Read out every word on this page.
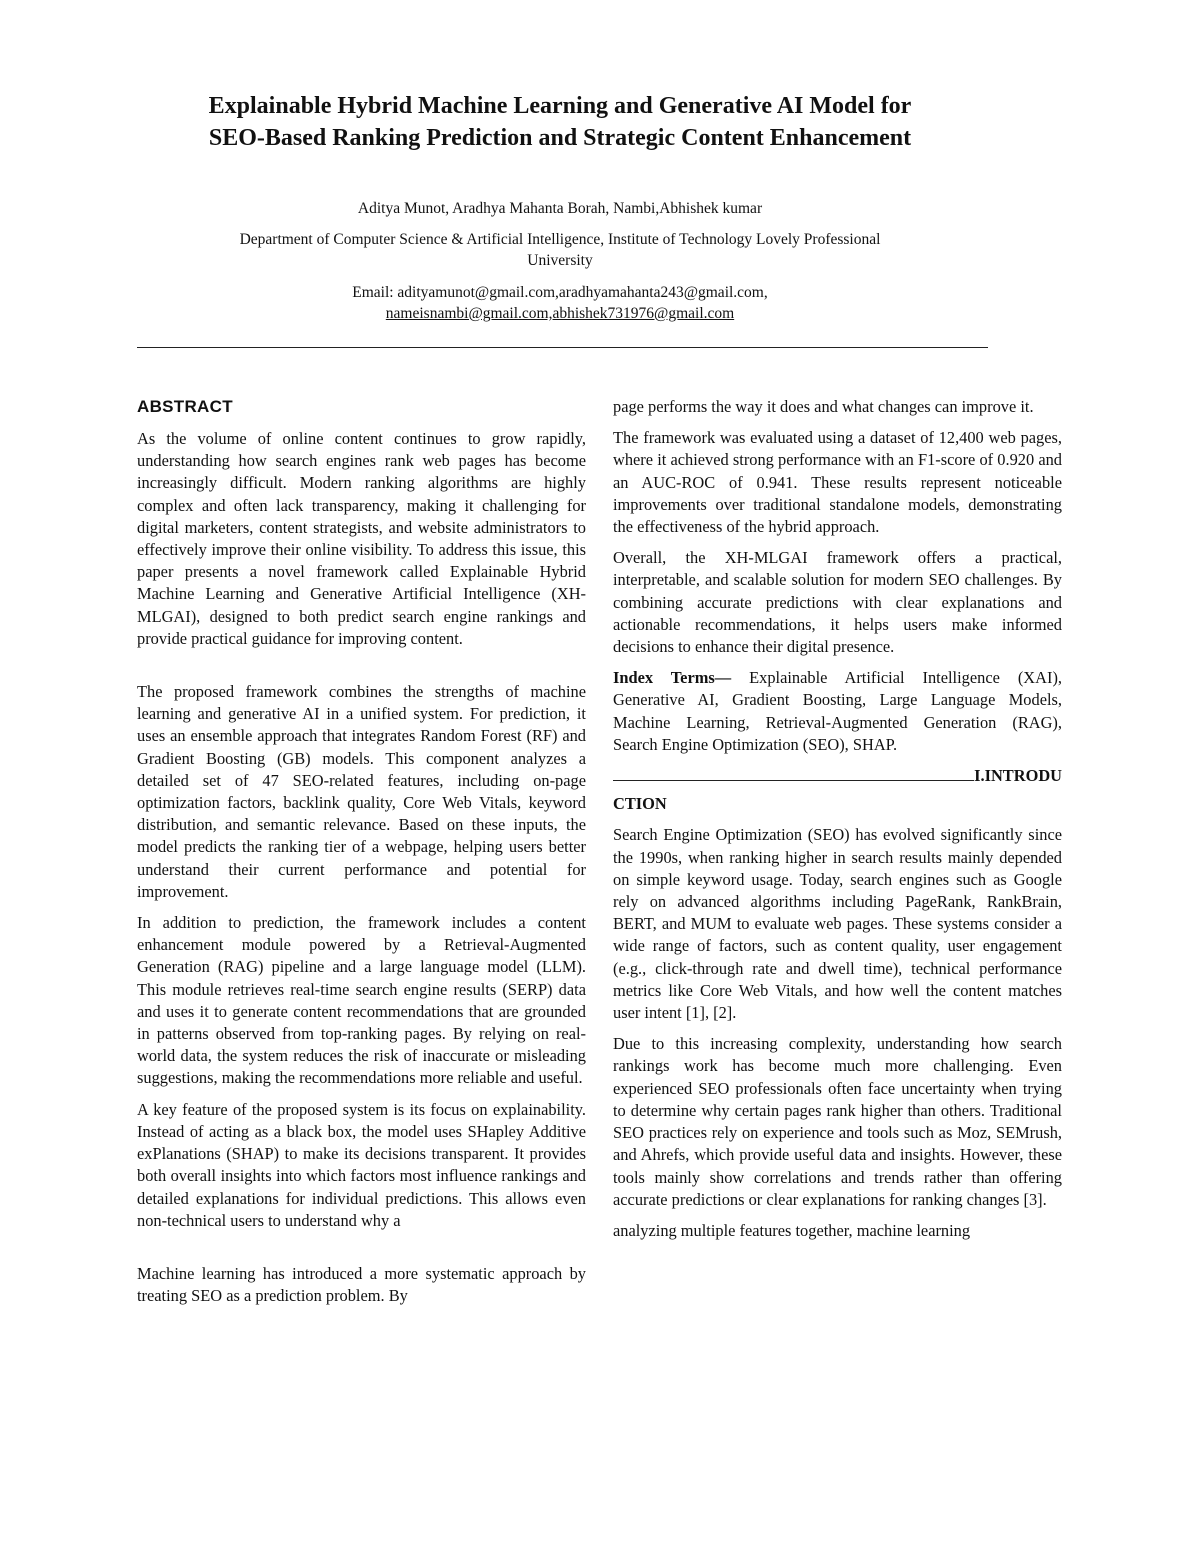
Explainable Hybrid Machine Learning and Generative AI Model for
SEO-Based Ranking Prediction and Strategic Content Enhancement
Aditya Munot, Aradhya Mahanta Borah, Nambi,Abhishek kumar
Department of Computer Science & Artificial Intelligence, Institute of Technology Lovely Professional
University
Email: adityamunot@gmail.com,aradhyamahanta243@gmail.com,
nameisnambi@gmail.com,abhishek731976@gmail.com

ABSTRACT

As the volume of online content continues to grow rapidly, understanding how search engines rank web pages has become increasingly difficult. Modern ranking algorithms are highly complex and often lack transparency, making it challenging for digital marketers, content strategists, and website administrators to effectively improve their online visibility. To address this issue, this paper presents a novel framework called Explainable Hybrid Machine Learning and Generative Artificial Intelligence (XH-MLGAI), designed to both predict search engine rankings and provide practical guidance for improving content.

The proposed framework combines the strengths of machine learning and generative AI in a unified system. For prediction, it uses an ensemble approach that integrates Random Forest (RF) and Gradient Boosting (GB) models. This component analyzes a detailed set of 47 SEO-related features, including on-page optimization factors, backlink quality, Core Web Vitals, keyword distribution, and semantic relevance. Based on these inputs, the model predicts the ranking tier of a webpage, helping users better understand their current performance and potential for improvement.

In addition to prediction, the framework includes a content enhancement module powered by a Retrieval-Augmented Generation (RAG) pipeline and a large language model (LLM). This module retrieves real-time search engine results (SERP) data and uses it to generate content recommendations that are grounded in patterns observed from top-ranking pages. By relying on real-world data, the system reduces the risk of inaccurate or misleading suggestions, making the recommendations more reliable and useful.

A key feature of the proposed system is its focus on explainability. Instead of acting as a black box, the model uses SHapley Additive exPlanations (SHAP) to make its decisions transparent. It provides both overall insights into which factors most influence rankings and detailed explanations for individual predictions. This allows even non-technical users to understand why a

Machine learning has introduced a more systematic approach by treating SEO as a prediction problem. By

page performs the way it does and what changes can improve it.

The framework was evaluated using a dataset of 12,400 web pages, where it achieved strong performance with an F1-score of 0.920 and an AUC-ROC of 0.941. These results represent noticeable improvements over traditional standalone models, demonstrating the effectiveness of the hybrid approach.

Overall, the XH-MLGAI framework offers a practical, interpretable, and scalable solution for modern SEO challenges. By combining accurate predictions with clear explanations and actionable recommendations, it helps users make informed decisions to enhance their digital presence.

Index Terms— Explainable Artificial Intelligence (XAI), Generative AI, Gradient Boosting, Large Language Models, Machine Learning, Retrieval-Augmented Generation (RAG), Search Engine Optimization (SEO), SHAP.

I.INTRODU

CTION

Search Engine Optimization (SEO) has evolved significantly since the 1990s, when ranking higher in search results mainly depended on simple keyword usage. Today, search engines such as Google rely on advanced algorithms including PageRank, RankBrain, BERT, and MUM to evaluate web pages. These systems consider a wide range of factors, such as content quality, user engagement (e.g., click-through rate and dwell time), technical performance metrics like Core Web Vitals, and how well the content matches user intent [1], [2].

Due to this increasing complexity, understanding how search rankings work has become much more challenging. Even experienced SEO professionals often face uncertainty when trying to determine why certain pages rank higher than others. Traditional SEO practices rely on experience and tools such as Moz, SEMrush, and Ahrefs, which provide useful data and insights. However, these tools mainly show correlations and trends rather than offering accurate predictions or clear explanations for ranking changes [3].

analyzing multiple features together, machine learning
